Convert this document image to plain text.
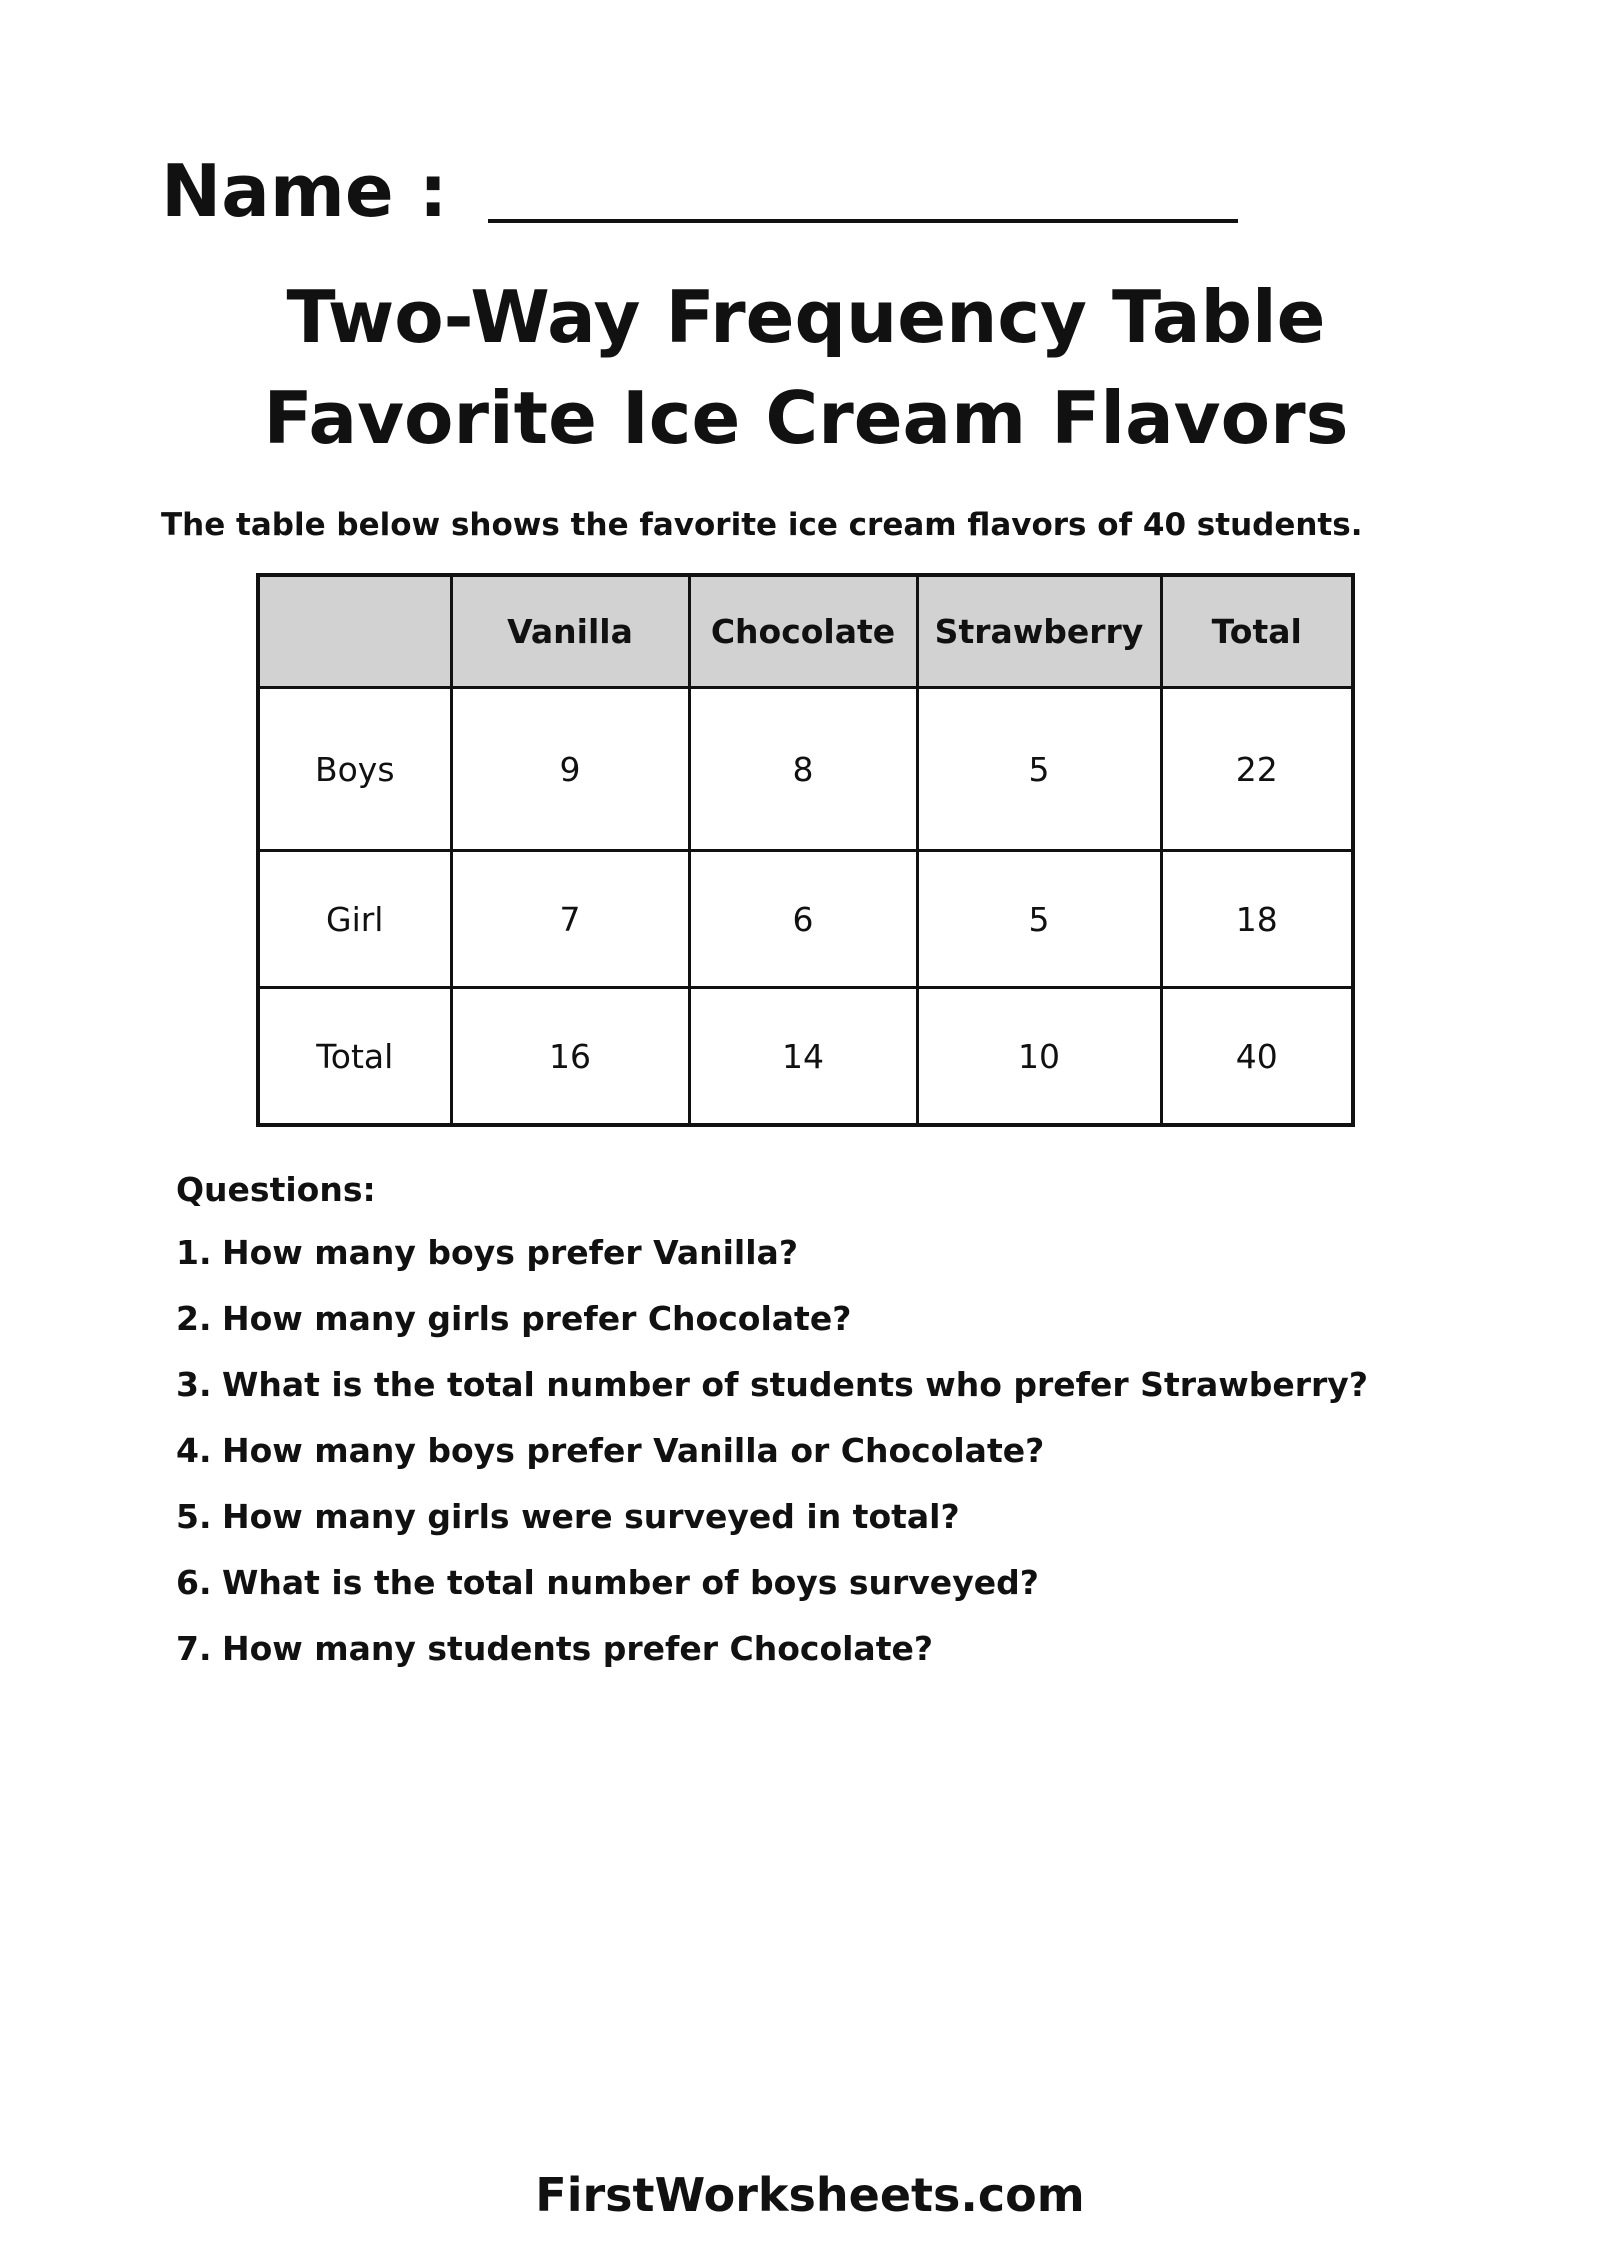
Name :
Two-Way Frequency Table
Favorite Ice Cream Flavors
The table below shows the favorite ice cream flavors of 40 students.
	Vanilla	Chocolate	Strawberry	Total
Boys	9	8	5	22
Girl	7	6	5	18
Total	16	14	10	40
Questions:
1. How many boys prefer Vanilla?
2. How many girls prefer Chocolate?
3. What is the total number of students who prefer Strawberry?
4. How many boys prefer Vanilla or Chocolate?
5. How many girls were surveyed in total?
6. What is the total number of boys surveyed?
7. How many students prefer Chocolate?
FirstWorksheets.com
